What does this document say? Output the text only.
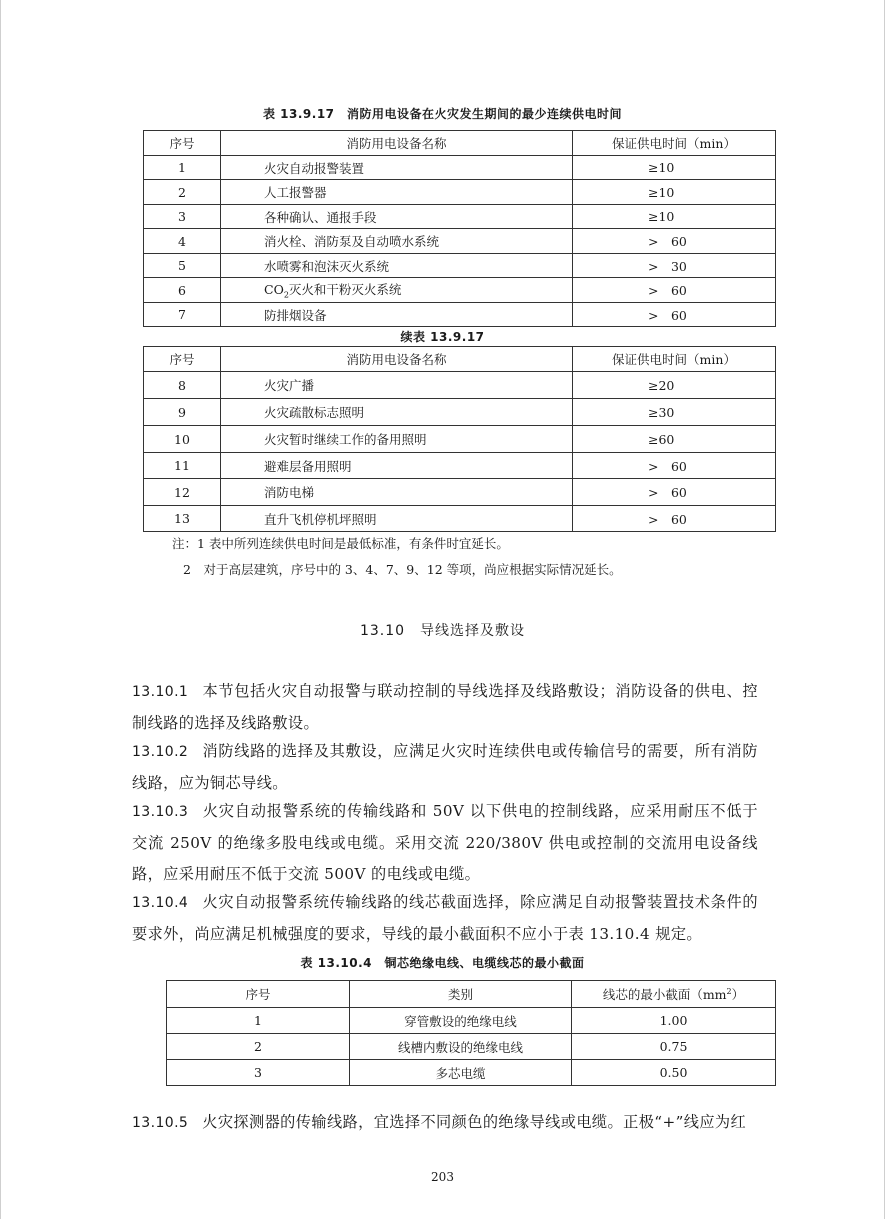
表 13.9.17　消防用电设备在火灾发生期间的最少连续供电时间
序号	消防用电设备名称	保证供电时间（min）
1	火灾自动报警装置	≥10
2	人工报警器	≥10
3	各种确认、通报手段	≥10
4	消火栓、消防泵及自动喷水系统	>　60
5	水喷雾和泡沫灭火系统	>　30
6	$CO_2$灭火和干粉灭火系统	>　60
7	防排烟设备	>　60
续表 13.9.17
序号	消防用电设备名称	保证供电时间（min）
8	火灾广播	≥20
9	火灾疏散标志照明	≥30
10	火灾暂时继续工作的备用照明	≥60
11	避难层备用照明	>　60
12	消防电梯	>　60
13	直升飞机停机坪照明	>　60
注：1 表中所列连续供电时间是最低标准，有条件时宜延长。
2　对于高层建筑，序号中的 3、4、7、9、12 等项，尚应根据实际情况延长。
13.10　导线选择及敷设
13.10.1 本节包括火灾自动报警与联动控制的导线选择及线路敷设；消防设备的供电、控制线路的选择及线路敷设。
13.10.2 消防线路的选择及其敷设，应满足火灾时连续供电或传输信号的需要，所有消防线路，应为铜芯导线。
13.10.3 火灾自动报警系统的传输线路和 50V 以下供电的控制线路，应采用耐压不低于交流 250V 的绝缘多股电线或电缆。采用交流 220/380V 供电或控制的交流用电设备线路，应采用耐压不低于交流 500V 的电线或电缆。
13.10.4 火灾自动报警系统传输线路的线芯截面选择，除应满足自动报警装置技术条件的要求外，尚应满足机械强度的要求，导线的最小截面积不应小于表 13.10.4 规定。
表 13.10.4　铜芯绝缘电线、电缆线芯的最小截面
序号	类别	线芯的最小截面$(mm^2)$
1	穿管敷设的绝缘电线	1.00
2	线槽内敷设的绝缘电线	0.75
3	多芯电缆	0.50
13.10.5 火灾探测器的传输线路，宜选择不同颜色的绝缘导线或电缆。正极“+”线应为红
203
